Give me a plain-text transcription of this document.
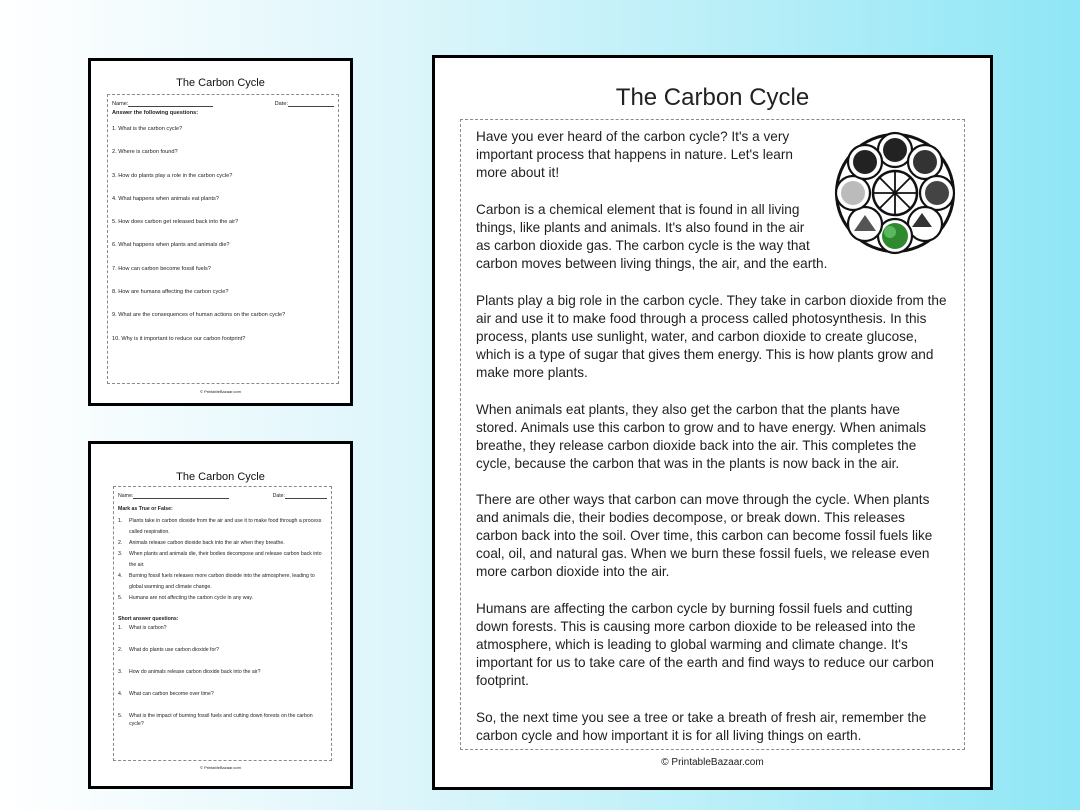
The Carbon Cycle
Name:	Date:
Answer the following questions:
1. What is the carbon cycle?
2. Where is carbon found?
3. How do plants play a role in the carbon cycle?
4. What happens when animals eat plants?
5. How does carbon get released back into the air?
6. What happens when plants and animals die?
7. How can carbon become fossil fuels?
8. How are humans affecting the carbon cycle?
9. What are the consequences of human actions on the carbon cycle?
10. Why is it important to reduce our carbon footprint?
© PrintableBazaar.com
The Carbon Cycle
Name:	Date:
Mark as True or False:
1.	Plants take in carbon dioxide from the air and use it to make food through a process called respiration.
2.	Animals release carbon dioxide back into the air when they breathe.
3.	When plants and animals die, their bodies decompose and release carbon back into the air.
4.	Burning fossil fuels releases more carbon dioxide into the atmosphere, leading to global warming and climate change.
5.	Humans are not affecting the carbon cycle in any way.
Short answer questions:
1.	What is carbon?
2.	What do plants use carbon dioxide for?
3.	How do animals release carbon dioxide back into the air?
4.	What can carbon become over time?
5.	What is the impact of burning fossil fuels and cutting down forests on the carbon cycle?
© PrintableBazaar.com
The Carbon Cycle
Have you ever heard of the carbon cycle? It's a very
important process that happens in nature. Let's learn
more about it!
Carbon is a chemical element that is found in all living
things, like plants and animals. It's also found in the air
as carbon dioxide gas. The carbon cycle is the way that
carbon moves between living things, the air, and the earth.
Plants play a big role in the carbon cycle. They take in carbon dioxide from the
air and use it to make food through a process called photosynthesis. In this
process, plants use sunlight, water, and carbon dioxide to create glucose,
which is a type of sugar that gives them energy. This is how plants grow and
make more plants.
When animals eat plants, they also get the carbon that the plants have
stored. Animals use this carbon to grow and to have energy. When animals
breathe, they release carbon dioxide back into the air. This completes the
cycle, because the carbon that was in the plants is now back in the air.
There are other ways that carbon can move through the cycle. When plants
and animals die, their bodies decompose, or break down. This releases
carbon back into the soil. Over time, this carbon can become fossil fuels like
coal, oil, and natural gas. When we burn these fossil fuels, we release even
more carbon dioxide into the air.
Humans are affecting the carbon cycle by burning fossil fuels and cutting
down forests. This is causing more carbon dioxide to be released into the
atmosphere, which is leading to global warming and climate change. It's
important for us to take care of the earth and find ways to reduce our carbon
footprint.
So, the next time you see a tree or take a breath of fresh air, remember the
carbon cycle and how important it is for all living things on earth.
© PrintableBazaar.com
